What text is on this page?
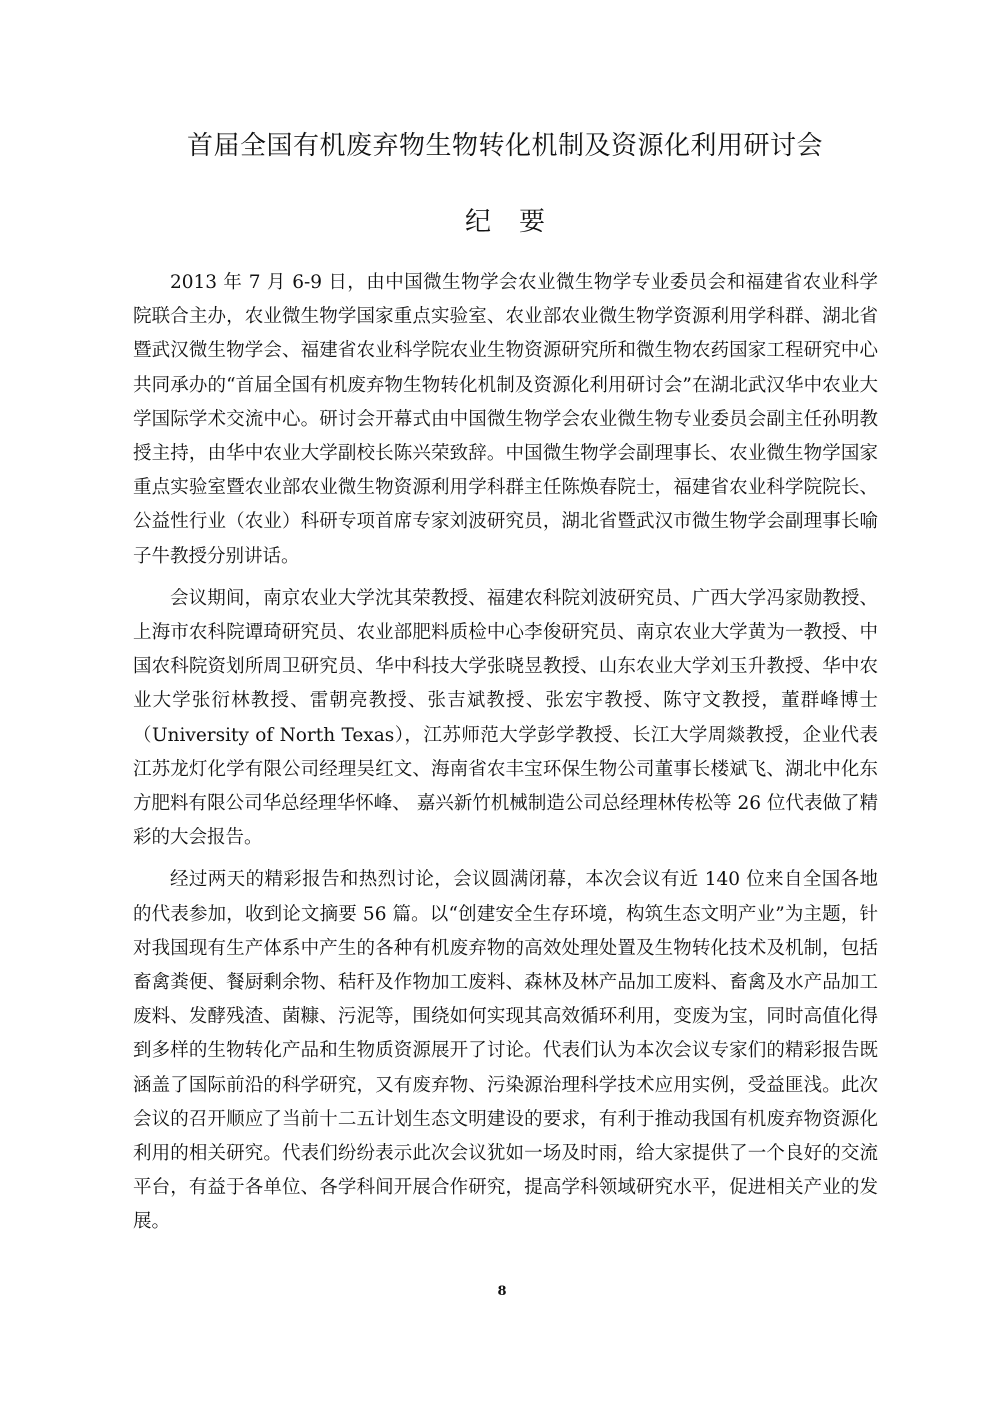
首届全国有机废弃物生物转化机制及资源化利用研讨会
纪要

2013 年 7 月 6-9 日，由中国微生物学会农业微生物学专业委员会和福建省农业科学院联合主办，农业微生物学国家重点实验室、农业部农业微生物学资源利用学科群、湖北省暨武汉微生物学会、福建省农业科学院农业生物资源研究所和微生物农药国家工程研究中心共同承办的“首届全国有机废弃物生物转化机制及资源化利用研讨会”在湖北武汉华中农业大学国际学术交流中心。研讨会开幕式由中国微生物学会农业微生物专业委员会副主任孙明教授主持，由华中农业大学副校长陈兴荣致辞。中国微生物学会副理事长、农业微生物学国家重点实验室暨农业部农业微生物资源利用学科群主任陈焕春院士，福建省农业科学院院长、公益性行业（农业）科研专项首席专家刘波研究员，湖北省暨武汉市微生物学会副理事长喻子牛教授分别讲话。

会议期间，南京农业大学沈其荣教授、福建农科院刘波研究员、广西大学冯家勋教授、上海市农科院谭琦研究员、农业部肥料质检中心李俊研究员、南京农业大学黄为一教授、中国农科院资划所周卫研究员、华中科技大学张晓昱教授、山东农业大学刘玉升教授、华中农业大学张衍林教授、雷朝亮教授、张吉斌教授、张宏宇教授、陈守文教授，董群峰博士（University of North Texas），江苏师范大学彭学教授、长江大学周燚教授，企业代表江苏龙灯化学有限公司经理吴红文、海南省农丰宝环保生物公司董事长楼斌飞、湖北中化东方肥料有限公司华总经理华怀峰、 嘉兴新竹机械制造公司总经理林传松等 26 位代表做了精彩的大会报告。

经过两天的精彩报告和热烈讨论，会议圆满闭幕，本次会议有近 140 位来自全国各地的代表参加，收到论文摘要 56 篇。以“创建安全生存环境，构筑生态文明产业”为主题，针对我国现有生产体系中产生的各种有机废弃物的高效处理处置及生物转化技术及机制，包括畜禽粪便、餐厨剩余物、秸秆及作物加工废料、森林及林产品加工废料、畜禽及水产品加工废料、发酵残渣、菌糠、污泥等，围绕如何实现其高效循环利用，变废为宝，同时高值化得到多样的生物转化产品和生物质资源展开了讨论。代表们认为本次会议专家们的精彩报告既涵盖了国际前沿的科学研究，又有废弃物、污染源治理科学技术应用实例，受益匪浅。此次会议的召开顺应了当前十二五计划生态文明建设的要求，有利于推动我国有机废弃物资源化利用的相关研究。代表们纷纷表示此次会议犹如一场及时雨，给大家提供了一个良好的交流平台，有益于各单位、各学科间开展合作研究，提高学科领域研究水平，促进相关产业的发展。

8
